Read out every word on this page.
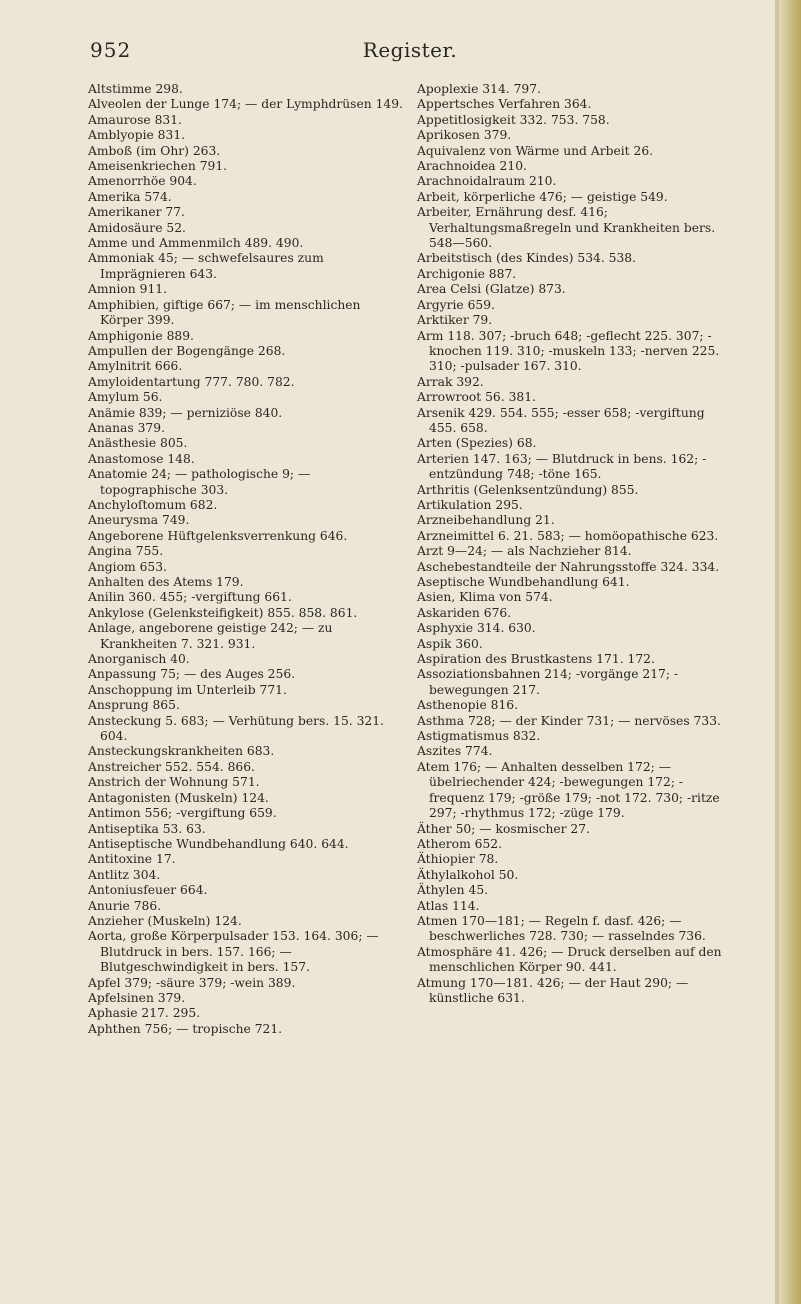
952	Register.

Altstimme 298.

Alveolen der Lunge 174; — der Lymphdrüsen 149.

Amaurose 831.

Amblyopie 831.

Amboß (im Ohr) 263.

Ameisenkriechen 791.

Amenorrhöe 904.

Amerika 574.

Amerikaner 77.

Amidosäure 52.

Amme und Ammenmilch 489. 490.

Ammoniak 45; — schwefelsaures zum Imprägnieren 643.

Amnion 911.

Amphibien, giftige 667; — im menschlichen Körper 399.

Amphigonie 889.

Ampullen der Bogengänge 268.

Amylnitrit 666.

Amyloidentartung 777. 780. 782.

Amylum 56.

Anämie 839; — perniziöse 840.

Ananas 379.

Anästhesie 805.

Anastomose 148.

Anatomie 24; — pathologische 9; — topographische 303.

Anchyloſtomum 682.

Aneurysma 749.

Angeborene Hüftgelenksverrenkung 646.

Angina 755.

Angiom 653.

Anhalten des Atems 179.

Anilin 360. 455; -vergiftung 661.

Ankylose (Gelenksteifigkeit) 855. 858. 861.

Anlage, angeborene geistige 242; — zu Krankheiten 7. 321. 931.

Anorganisch 40.

Anpassung 75; — des Auges 256.

Anschoppung im Unterleib 771.

Ansprung 865.

Ansteckung 5. 683; — Verhütung bers. 15. 321. 604.

Ansteckungskrankheiten 683.

Anstreicher 552. 554. 866.

Anstrich der Wohnung 571.

Antagonisten (Muskeln) 124.

Antimon 556; -vergiftung 659.

Antiseptika 53. 63.

Antiseptische Wundbehandlung 640. 644.

Antitoxine 17.

Antlitz 304.

Antoniusfeuer 664.

Anurie 786.

Anzieher (Muskeln) 124.

Aorta, große Körperpulsader 153. 164. 306; — Blutdruck in bers. 157. 166; — Blutgeschwindigkeit in bers. 157.

Apfel 379; -säure 379; -wein 389.

Apfelsinen 379.

Aphasie 217. 295.

Aphthen 756; — tropische 721.

Apoplexie 314. 797.

Appertsches Verfahren 364.

Appetitlosigkeit 332. 753. 758.

Aprikosen 379.

Aquivalenz von Wärme und Arbeit 26.

Arachnoidea 210.

Arachnoidalraum 210.

Arbeit, körperliche 476; — geistige 549.

Arbeiter, Ernährung desf. 416; Verhaltungsmaßregeln und Krankheiten bers. 548—560.

Arbeitstisch (des Kindes) 534. 538.

Archigonie 887.

Area Celsi (Glatze) 873.

Argyrie 659.

Arktiker 79.

Arm 118. 307; -bruch 648; -geflecht 225. 307; -knochen 119. 310; -muskeln 133; -nerven 225. 310; -pulsader 167. 310.

Arrak 392.

Arrowroot 56. 381.

Arsenik 429. 554. 555; -esser 658; -vergiftung 455. 658.

Arten (Spezies) 68.

Arterien 147. 163; — Blutdruck in bens. 162; -entzündung 748; -töne 165.

Arthritis (Gelenksentzündung) 855.

Artikulation 295.

Arzneibehandlung 21.

Arzneimittel 6. 21. 583; — homöopathische 623.

Arzt 9—24; — als Nachzieher 814.

Aschebestandteile der Nahrungsstoffe 324. 334.

Aseptische Wundbehandlung 641.

Asien, Klima von 574.

Askariden 676.

Asphyxie 314. 630.

Aspik 360.

Aspiration des Brustkastens 171. 172.

Assoziationsbahnen 214; -vorgänge 217; -bewegungen 217.

Asthenopie 816.

Asthma 728; — der Kinder 731; — nervöses 733.

Astigmatismus 832.

Aszites 774.

Atem 176; — Anhalten desselben 172; — übelriechender 424; -bewegungen 172; -frequenz 179; -größe 179; -not 172. 730; -ritze 297; -rhythmus 172; -züge 179.

Äther 50; — kosmischer 27.

Atherom 652.

Äthiopier 78.

Äthylalkohol 50.

Äthylen 45.

Atlas 114.

Atmen 170—181; — Regeln f. dasf. 426; — beschwerliches 728. 730; — rasselndes 736.

Atmosphäre 41. 426; — Druck derselben auf den menschlichen Körper 90. 441.

Atmung 170—181. 426; — der Haut 290; — künstliche 631.
